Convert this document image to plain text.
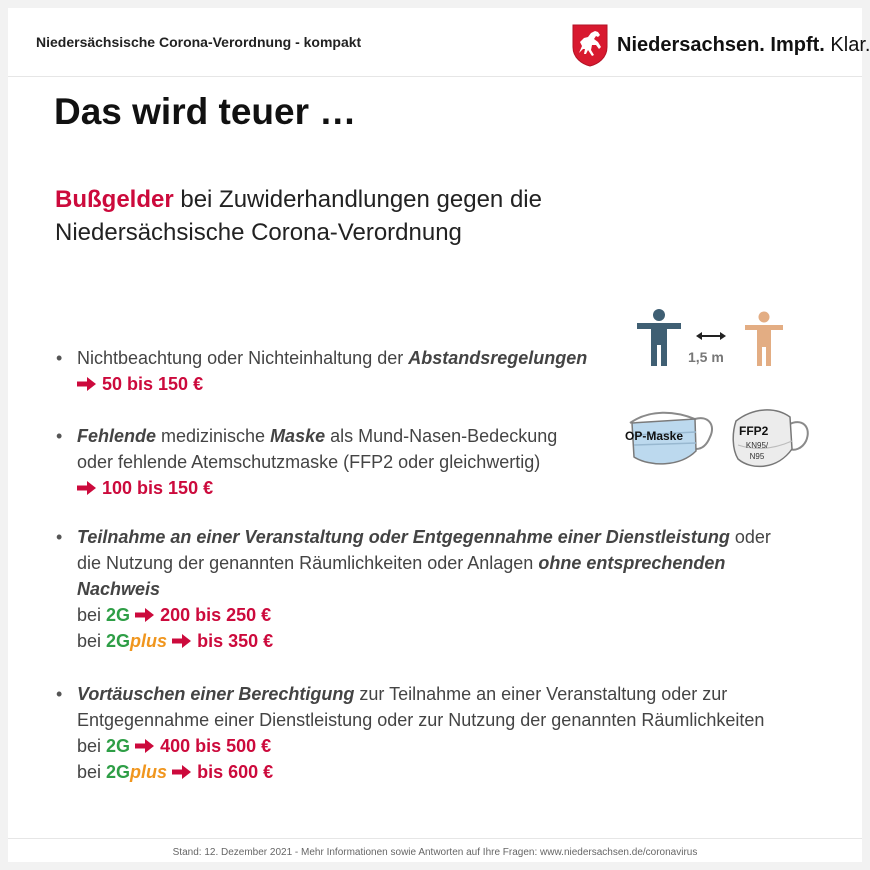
Niedersächsische Corona-Verordnung - kompakt	Niedersachsen. Impft. Klar.
Das wird teuer …
Bußgelder bei Zuwiderhandlungen gegen die
Niedersächsische Corona-Verordnung
• Nichtbeachtung oder Nichteinhaltung der Abstandsregelungen
50 bis 150 €
1,5 m
• Fehlende medizinische Maske als Mund-Nasen-Bedeckung
oder fehlende Atemschutzmaske (FFP2 oder gleichwertig)
100 bis 150 €
OP-Maske	FFP2
KN95/
N95
• Teilnahme an einer Veranstaltung oder Entgegennahme einer Dienstleistung oder
die Nutzung der genannten Räumlichkeiten oder Anlagen ohne entsprechenden
Nachweis
bei 2G 200 bis 250 €
bei 2Gplus bis 350 €
• Vortäuschen einer Berechtigung zur Teilnahme an einer Veranstaltung oder zur
Entgegennahme einer Dienstleistung oder zur Nutzung der genannten Räumlichkeiten
bei 2G 400 bis 500 €
bei 2Gplus bis 600 €
Stand: 12. Dezember 2021 - Mehr Informationen sowie Antworten auf Ihre Fragen: www.niedersachsen.de/coronavirus
